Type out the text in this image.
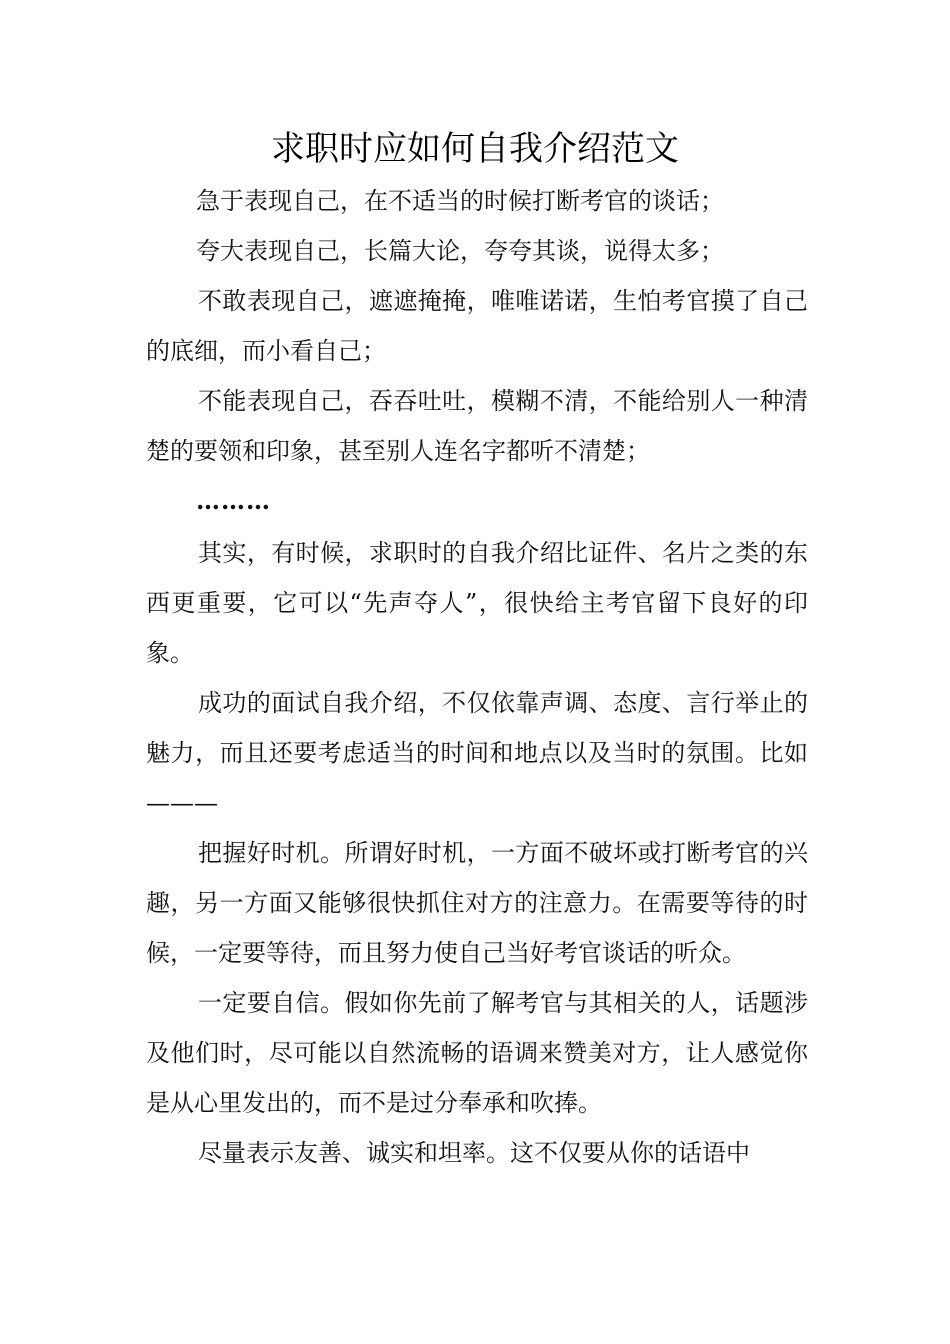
求职时应如何自我介绍范文

急于表现自己，在不适当的时候打断考官的谈话；

夸大表现自己，长篇大论，夸夸其谈，说得太多；

不敢表现自己，遮遮掩掩，唯唯诺诺，生怕考官摸了自己的底细，而小看自己；

不能表现自己，吞吞吐吐，模糊不清，不能给别人一种清楚的要领和印象，甚至别人连名字都听不清楚；

………

其实，有时候，求职时的自我介绍比证件、名片之类的东西更重要，它可以“先声夺人”，很快给主考官留下良好的印象。

成功的面试自我介绍，不仅依靠声调、态度、言行举止的魅力，而且还要考虑适当的时间和地点以及当时的氛围。比如———

把握好时机。所谓好时机，一方面不破坏或打断考官的兴趣，另一方面又能够很快抓住对方的注意力。在需要等待的时候，一定要等待，而且努力使自己当好考官谈话的听众。

一定要自信。假如你先前了解考官与其相关的人，话题涉及他们时，尽可能以自然流畅的语调来赞美对方，让人感觉你是从心里发出的，而不是过分奉承和吹捧。

尽量表示友善、诚实和坦率。这不仅要从你的话语中
